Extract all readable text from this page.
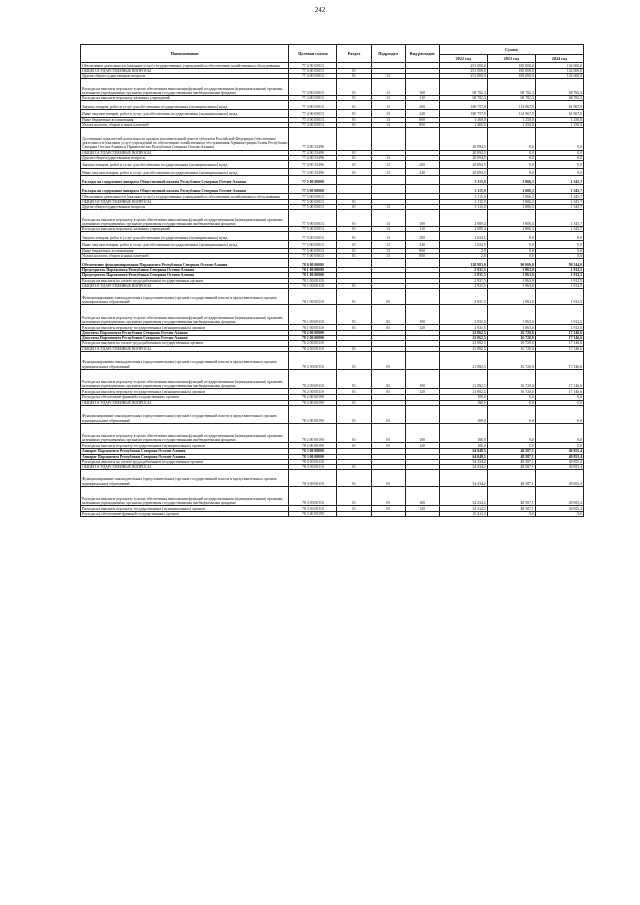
242
Наименование	Целевая статья	Раздел	Подраздел	Вид расходов	Сумма		
					2022 год	2023 год	2024 год
Обеспечение деятельности (оказание услуг) государственных учреждений по обеспечению хозяйственного обслуживания	77 4 00 05013				251 000,0	185 000,0	132 000,0
ОБЩЕГОСУДАРСТВЕННЫЕ ВОПРОСЫ	77 4 00 05013	01			251 000,0	185 000,0	132 000,0
Другие общегосударственные вопросы	77 4 00 05013	01	13		251 000,0	185 000,0	132 000,0
Расходы на выплаты персоналу в целях обеспечения выполнения функций государственными (муниципальными) органами, казенными учреждениями, органами управления государственными внебюджетными фондами	77 4 00 05013	01	13	100	68 782,3	68 782,3	68 782,3
Расходы на выплаты персоналу казенных учреждений	77 4 00 05013	01	13	110	68 782,3	68 782,3	68 782,3
Закупка товаров, работ и услуг для обеспечения государственных (муниципальных) нужд	77 4 00 05013	01	13	200	180 757,9	114 967,9	61 967,9
Иные закупки товаров, работ и услуг для обеспечения государственных (муниципальных) нужд	77 4 00 05013	01	13	240	180 757,9	114 967,9	61 967,9
Иные бюджетные ассигнования	77 4 00 05013	01	13	800	1 460,0	1 250,0	1 250,0
Уплата налогов, сборов и иных платежей	77 4 00 05013	01	13	850	1 460,0	1 250,0	1 250,0
Достижение показателей деятельности органов исполнительной власти субъектов Российской Федерации (обеспечение деятельности (оказание услуг) учреждений по обеспечению хозяйственного обслуживания Администрации Главы Республики Северная Осетия-Алания и Правительства Республики Северная Осетия-Алания)	77 4 00 55496				20 894,5	0,0	0,0
ОБЩЕГОСУДАРСТВЕННЫЕ ВОПРОСЫ	77 4 00 55496	01			20 894,5	0,0	0,0
Другие общегосударственные вопросы	77 4 00 55496	01	13		20 894,5	0,0	0,0
Закупка товаров, работ и услуг для обеспечения государственных (муниципальных) нужд	77 4 00 55496	01	13	200	20 894,5	0,0	0,0
Иные закупки товаров, работ и услуг для обеспечения государственных (муниципальных) нужд	77 4 00 55496	01	13	240	20 894,5	0,0	0,0
Расходы на содержание аппарата Общественной палаты Республики Северная Осетия-Алания	77 5 00 00000				3 115,9	1 806,3	1 345,7
Расходы на содержание аппарата Общественной палаты Республики Северная Осетия-Алания	77 5 00 00000				3 115,9	1 806,3	1 345,7
Обеспечение деятельности (оказание услуг) государственных учреждений по обеспечению хозяйственного обслуживания	77 5 00 05013				3 115,9	1 806,3	1 345,7
ОБЩЕГОСУДАРСТВЕННЫЕ ВОПРОСЫ	77 5 00 05013	01			3 115,9	1 806,3	1 345,7
Другие общегосударственные вопросы	77 5 00 05013	01	13		3 115,9	1 806,3	1 345,7
Расходы на выплаты персоналу в целях обеспечения выполнения функций государственными (муниципальными) органами, казенными учреждениями, органами управления государственными внебюджетными фондами	77 5 00 05013	01	13	100	2 089,4	1 806,3	1 345,7
Расходы на выплаты персоналу казенных учреждений	77 5 00 05013	01	13	110	2 089,4	1 806,3	1 345,7
Закупка товаров, работ и услуг для обеспечения государственных (муниципальных) нужд	77 5 00 05013	01	13	200	1 024,5	0,0	0,0
Иные закупки товаров, работ и услуг для обеспечения государственных (муниципальных) нужд	77 5 00 05013	01	13	240	1 024,5	0,0	0,0
Иные бюджетные ассигнования	77 5 00 05013	01	13	800	2,0	0,0	0,0
Уплата налогов, сборов и иных платежей	77 5 00 05013	01	13	850	2,0	0,0	0,0
Обеспечение функционирования Парламента Республики Северная Осетия-Алания	78 0 00 00000				128 883,0	96 000,0	99 344,0
Председатель Парламента Республики Северная Осетия-Алания	78 1 00 00000				2 931,5	1 863,0	1 912,5
Председатель Парламента Республики Северная Осетия-Алания	78 1 00 00000				2 931,5	1 863,0	1 912,5
Расходы на выплаты по оплате труда работников государственных органов	78 1 00 00110				2 931,5	1 863,0	1 912,5
ОБЩЕГОСУДАРСТВЕННЫЕ ВОПРОСЫ	78 1 00 00110	01			2 931,5	1 863,0	1 912,5
Функционирование законодательных (представительных) органов государственной власти и представительных органов муниципальных образований	78 1 00 00110	01	03		2 931,5	1 863,0	1 912,5
Расходы на выплаты персоналу в целях обеспечения выполнения функций государственными (муниципальными) органами, казенными учреждениями, органами управления государственными внебюджетными фондами	78 1 00 00110	01	03	100	2 931,5	1 863,0	1 912,5
Расходы на выплаты персоналу государственных (муниципальных) органов	78 1 00 00110	01	03	120	2 931,5	1 863,0	1 912,5
Депутаты Парламента Республики Северная Осетия-Алания	78 2 00 00000				22 062,5	16 720,0	17 146,6
Депутаты Парламента Республики Северная Осетия-Алания	78 2 00 00000				22 062,5	16 720,0	17 146,6
Расходы на выплаты по оплате труда работников государственных органов	78 2 00 00110				21 882,5	16 720,0	17 146,6
ОБЩЕГОСУДАРСТВЕННЫЕ ВОПРОСЫ	78 2 00 00110	01			21 882,5	16 720,0	17 146,6
Функционирование законодательных (представительных) органов государственной власти и представительных органов муниципальных образований	78 2 00 00110	01	03		21 882,5	16 720,0	17 146,6
Расходы на выплаты персоналу в целях обеспечения выполнения функций государственными (муниципальными) органами, казенными учреждениями, органами управления государственными внебюджетными фондами	78 2 00 00110	01	03	100	21 882,5	16 720,0	17 146,6
Расходы на выплаты персоналу государственных (муниципальных) органов	78 2 00 00110	01	03	120	21 882,5	16 720,0	17 146,6
Расходы на обеспечение функций государственных органов	78 2 00 00190				180,0	0,0	0,0
ОБЩЕГОСУДАРСТВЕННЫЕ ВОПРОСЫ	78 2 00 00190	01			180,0	0,0	0,0
Функционирование законодательных (представительных) органов государственной власти и представительных органов муниципальных образований	78 2 00 00190	01	03		180,0	0,0	0,0
Расходы на выплаты персоналу в целях обеспечения выполнения функций государственными (муниципальными) органами, казенными учреждениями, органами управления государственными внебюджетными фондами	78 2 00 00190	01	03	100	180,0	0,0	0,0
Расходы на выплаты персоналу государственных (муниципальных) органов	78 2 00 00190	01	03	120	180,0	0,0	0,0
Аппарат Парламента Республики Северная Осетия-Алания	78 3 00 00000				64 848,5	48 587,1	49 855,4
Аппарат Парламента Республики Северная Осетия-Алания	78 3 00 00000				64 848,5	48 587,1	49 855,4
Расходы на выплаты по оплате труда работников государственных органов	78 3 00 00110				54 434,2	48 587,1	49 855,4
ОБЩЕГОСУДАРСТВЕННЫЕ ВОПРОСЫ	78 3 00 00110	01			54 434,2	48 587,1	49 855,4
Функционирование законодательных (представительных) органов государственной власти и представительных органов муниципальных образований	78 3 00 00110	01	03		54 434,2	48 587,1	49 855,4
Расходы на выплаты персоналу в целях обеспечения выполнения функций государственными (муниципальными) органами, казенными учреждениями, органами управления государственными внебюджетными фондами	78 3 00 00110	01	03	100	54 434,2	48 587,1	49 855,4
Расходы на выплаты персоналу государственных (муниципальных) органов	78 3 00 00110	01	03	120	54 434,2	48 587,1	49 855,4
Расходы на обеспечение функций государственных органов	78 3 00 00190				10 414,3	0,0	0,0
